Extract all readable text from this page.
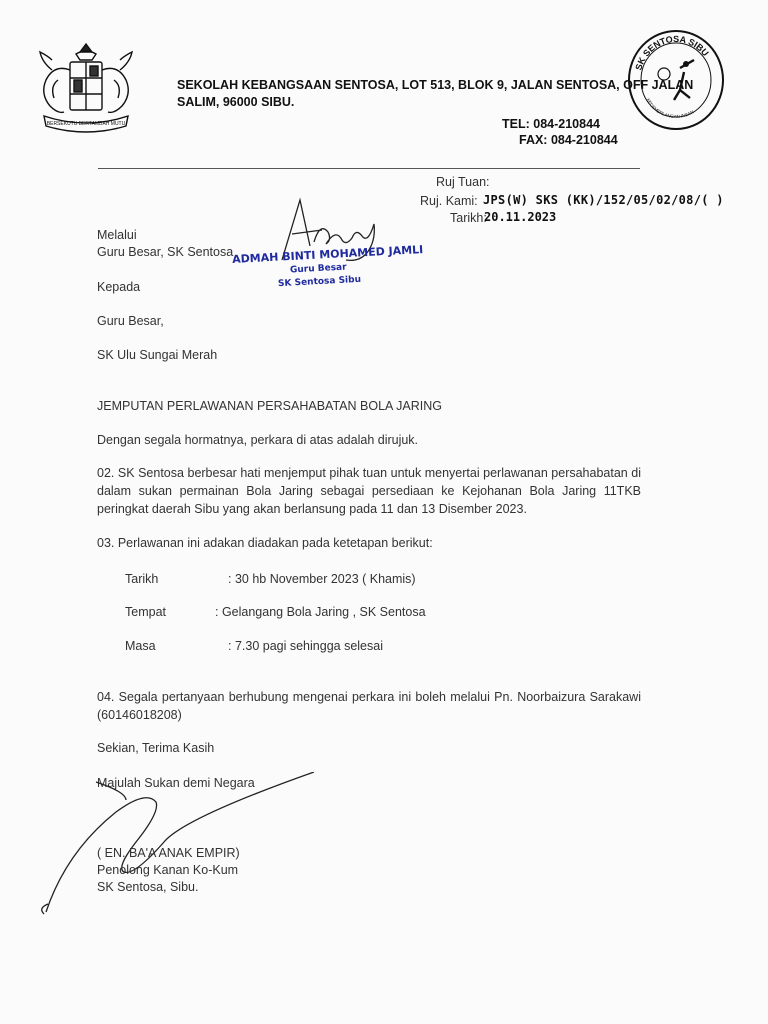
BERSEKUTU BERTAMBAH MUTU
SEKOLAH KEBANGSAAN SENTOSA, LOT 513, BLOK 9, JALAN SENTOSA, OFF JALAN
SALIM, 96000 SIBU.
TEL: 084-210844
FAX: 084-210844
SK SENTOSA SIBU
KECEMERLANGAN INSAN
Ruj Tuan:
Ruj. Kami: JPS(W) SKS (KK)/152/05/02/08/( )
Tarikh:
20.11.2023
Melalui
Guru Besar, SK Sentosa
Kepada
Guru Besar,
SK Ulu Sungai Merah
ADMAH BINTI MOHAMED JAMLI
Guru Besar
SK Sentosa Sibu
JEMPUTAN PERLAWANAN PERSAHABATAN BOLA JARING
Dengan segala hormatnya, perkara di atas adalah dirujuk.
02. SK Sentosa berbesar hati menjemput pihak tuan untuk menyertai perlawanan persahabatan di dalam sukan permainan Bola Jaring sebagai persediaan ke Kejohanan Bola Jaring 11TKB peringkat daerah Sibu yang akan berlansung pada 11 dan 13 Disember 2023.
03. Perlawanan ini adakan diadakan pada ketetapan berikut:
Tarikh	: 30 hb November 2023 ( Khamis)
Tempat	: Gelangang Bola Jaring , SK Sentosa
Masa	: 7.30 pagi sehingga selesai
04. Segala pertanyaan berhubung mengenai perkara ini boleh melalui Pn. Noorbaizura Sarakawi (60146018208)
Sekian, Terima Kasih
Majulah Sukan demi Negara
( EN. BA'A ANAK EMPIR)
Penolong Kanan Ko-Kum
SK Sentosa, Sibu.
